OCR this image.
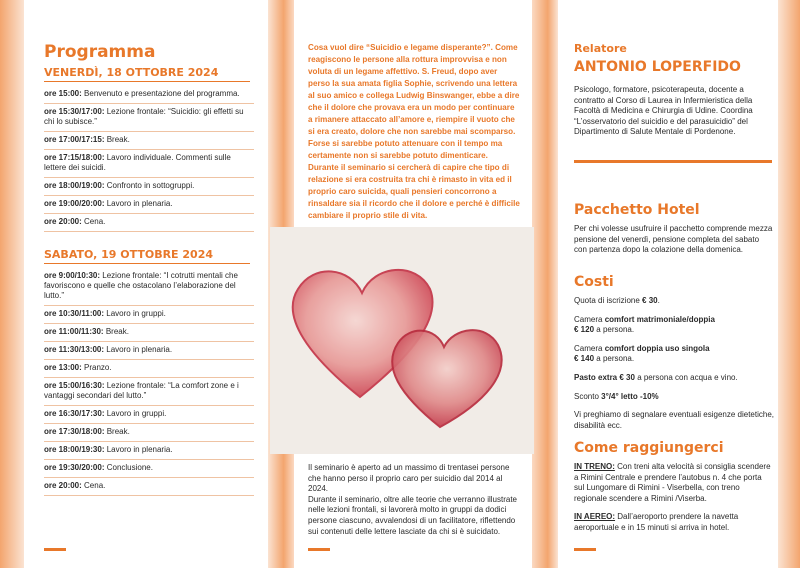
Programma
VENERDÌ, 18 OTTOBRE 2024
ore 15:00: Benvenuto e presentazione del programma.
ore 15:30/17:00: Lezione frontale: “Suicidio: gli effetti su chi lo subisce.”
ore 17:00/17:15: Break.
ore 17:15/18:00: Lavoro individuale. Commenti sulle lettere dei suicidi.
ore 18:00/19:00: Confronto in sottogruppi.
ore 19:00/20:00: Lavoro in plenaria.
ore 20:00: Cena.
SABATO, 19 OTTOBRE 2024
ore 9:00/10:30: Lezione frontale: “I cotrutti mentali che favoriscono e quelle che ostacolano l’elaborazione del lutto.”
ore 10:30/11:00: Lavoro in gruppi.
ore 11:00/11:30: Break.
ore 11:30/13:00: Lavoro in plenaria.
ore 13:00: Pranzo.
ore 15:00/16:30: Lezione frontale: “La comfort zone e i vantaggi secondari del lutto.”
ore 16:30/17:30: Lavoro in gruppi.
ore 17:30/18:00: Break.
ore 18:00/19:30: Lavoro in plenaria.
ore 19:30/20:00: Conclusione.
ore 20:00: Cena.

Cosa vuol dire “Suicidio e legame disperante?”. Come reagiscono le persone alla rottura improvvisa e non voluta di un legame affettivo. S. Freud, dopo aver perso la sua amata figlia Sophie, scrivendo una lettera al suo amico e collega Ludwig Binswanger, ebbe a dire che il dolore che provava era un modo per continuare a rimanere attaccato all’amore e, riempire il vuoto che si era creato, dolore che non sarebbe mai scomparso. Forse si sarebbe potuto attenuare con il tempo ma certamente non si sarebbe potuto dimenticare. Durante il seminario si cercherà di capire che tipo di relazione si era costruita tra chi è rimasto in vita ed il proprio caro suicida, quali pensieri concorrono a rinsaldare sia il ricordo che il dolore e perché è difficile cambiare il proprio stile di vita.

Il seminario è aperto ad un massimo di trentasei persone che hanno perso il proprio caro per suicidio dal 2014 al 2024.

Durante il seminario, oltre alle teorie che verranno illustrate nelle lezioni frontali, si lavorerà molto in gruppi da dodici persone ciascuno, avvalendosi di un facilitatore, riflettendo sui contenuti delle lettere lasciate da chi si è suicidato.

Relatore
ANTONIO LOPERFIDO

Psicologo, formatore, psicoterapeuta, docente a contratto al Corso di Laurea in Infermieristica della Facoltà di Medicina e Chirurgia di Udine. Coordina “L’osservatorio del suicidio e del parasuicidio” del Dipartimento di Salute Mentale di Pordenone.

Pacchetto Hotel

Per chi volesse usufruire il pacchetto comprende mezza pensione del venerdì, pensione completa del sabato con partenza dopo la colazione della domenica.

Costi

Quota di iscrizione € 30.

Camera comfort matrimoniale/doppia
€ 120 a persona.

Camera comfort doppia uso singola
€ 140 a persona.

Pasto extra € 30 a persona con acqua e vino.

Sconto 3°/4° letto -10%

Vi preghiamo di segnalare eventuali esigenze dietetiche, disabilità ecc.

Come raggiungerci

IN TRENO: Con treni alta velocità si consiglia scendere a Rimini Centrale e prendere l’autobus n. 4 che porta sul Lungomare di Rimini - Viserbella, con treno regionale scendere a Rimini /Viserba.

IN AEREO: Dall’aeroporto prendere la navetta aeroportuale e in 15 minuti si arriva in hotel.
